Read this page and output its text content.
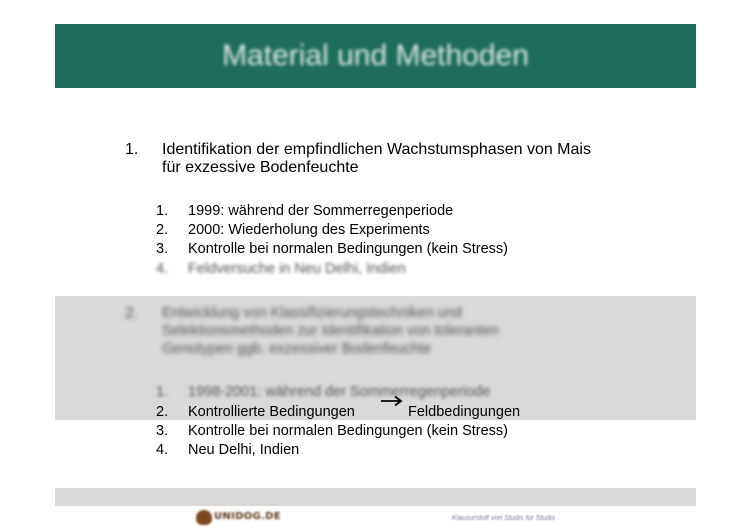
Material und Methoden
1. Identifikation der empfindlichen Wachstumsphasen von Mais
für exzessive Bodenfeuchte
1. 1999: während der Sommerregenperiode
2. 2000: Wiederholung des Experiments
3. Kontrolle bei normalen Bedingungen (kein Stress)
4. Feldversuche in Neu Delhi, Indien
2. Entwicklung von Klassifizierungstechniken und
Selektionsmethoden zur Identifikation von toleranten
Genotypen ggb. exzessiver Bodenfeuchte
1. 1998-2001: während der Sommerregenperiode
2. Kontrollierte Bedingungen	Feldbedingungen
3. Kontrolle bei normalen Bedingungen (kein Stress)
4. Neu Delhi, Indien
UNIDOG.DE	Klausurstoff von Studis für Studis
